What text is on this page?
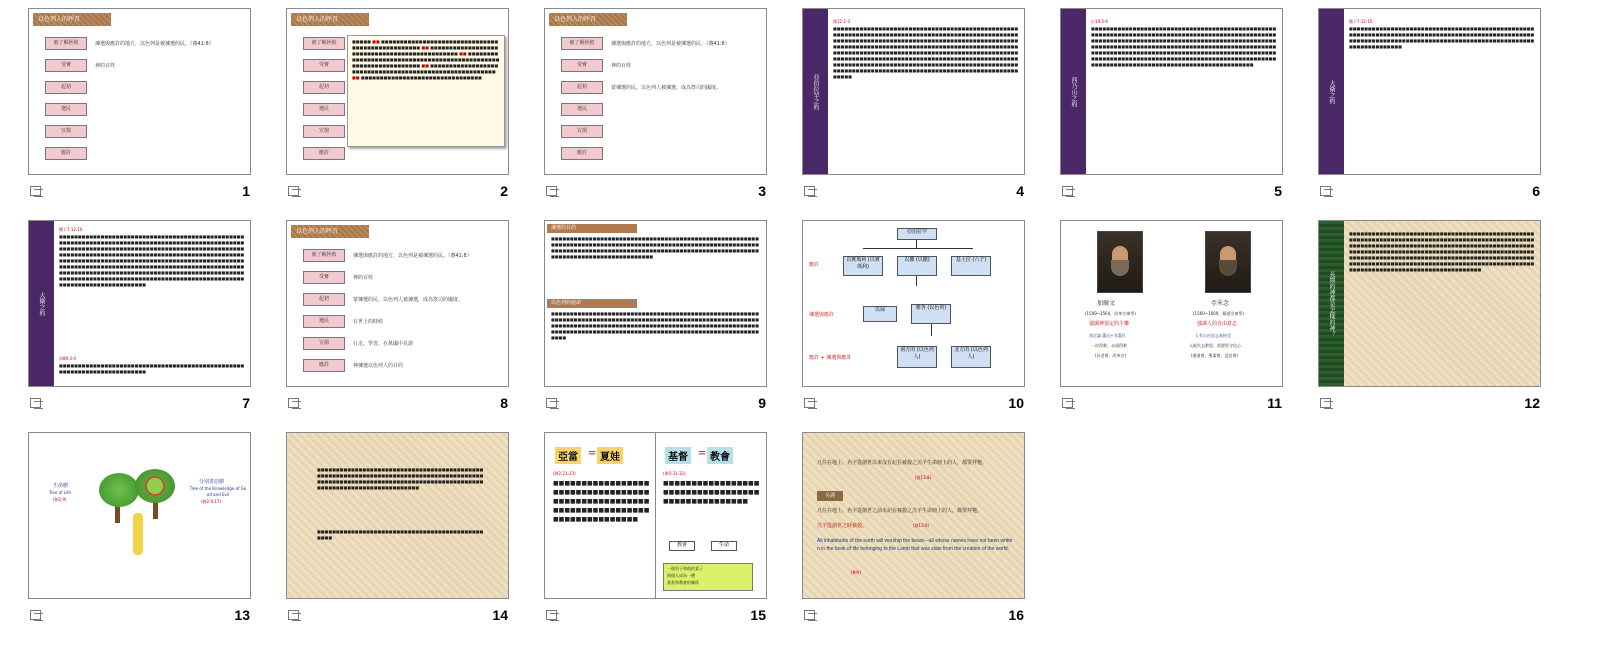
以色列人的呼召
被了解拯救
受膏
起初
選民
宣揚
應許
揀選與應許的地方，以色列是被揀選的民。（賽41:8）
神的百姓
1
以色列人的呼召
被了解拯救
受膏
起初
選民
宣揚
應許
■■■■■ ■■ ■■■■■■■■■■■■■■■■■■■■■■■■■■■■■■■■■■■■■■■■■■■■■■■■■ ■■ ■■■■■■■■■■■■■■■■■■■■■■■■■■■■■■■■■■■■■■■■■■■■■■ ■■ ■■■■■■■■■■■■■■■■■■■■■■■■■■■■■■■■■■■■■■■■■■■■■■■■■■■■■■■■■■■■■■■■■ ■■ ■■■■■■■■■■■■■■■■■■■■■■■■■■■■■■■■■■■■■■■■■■■■■■■■■■■■■■■■ ■■ ■■■■■■■■■■■■■■■■■■■■■■■■■■■■■■■■
2
以色列人的呼召
被了解拯救
受膏
起初
選民
宣揚
應許
揀選與應許的地方，以色列是被揀選的民。（賽41:8）
神的百姓
蒙揀選的民，以色列人被揀選，成為祭司的國度。
3
亞伯拉罕之約
創12:1-3
■■■■■■■■■■■■■■■■■■■■■■■■■■■■■■■■■■■■■■■■■■■■■■■■■■■■■■■■■■■■■■■■■■■■■■■■■■■■■■■■■■■■■■■■■■■■■■■■■■■■■■■■■■■■■■■■■■■■■■■■■■■■■■■■■■■■■■■■■■■■■■■■■■■■■■■■■■■■■■■■■■■■■■■■■■■■■■■■■■■■■■■■■■■■■■■■■■■■■■■■■■■■■■■■■■■■■■■■■■■■■■■■■■■■■■■■■■■■■■■■■■■■■■■■■■■■■■■■■■■■■■■■■■■■■■■■■■■■■■■■■■■■■■■■■■■■■■■■■■■■■■■■■■■■■■■■■■■■■■■■■■■■■■■■■■■■■■■■■■■■■■■■■■■■■■■■■■■■■■■■■■■■■■■■■■■■■■■■■■■■■■■■■■■■■■■■■■■■■
4
西乃山之約
出19:5-6
■■■■■■■■■■■■■■■■■■■■■■■■■■■■■■■■■■■■■■■■■■■■■■■■■■■■■■■■■■■■■■■■■■■■■■■■■■■■■■■■■■■■■■■■■■■■■■■■■■■■■■■■■■■■■■■■■■■■■■■■■■■■■■■■■■■■■■■■■■■■■■■■■■■■■■■■■■■■■■■■■■■■■■■■■■■■■■■■■■■■■■■■■■■■■■■■■■■■■■■■■■■■■■■■■■■■■■■■■■■■■■■■■■■■■■■■■■■■■■■■■■■■■■■■■■■■■■■■■■■■■■■■■■■■■■■■■■■■■■■■■■■■■■■■■■■■■■■■■■■■■■■■■■■■■■■■■■■■■■■■■■■■■■■■■■■■■■■■■
5
大衛之約
撒下7:12-16
■■■■■■■■■■■■■■■■■■■■■■■■■■■■■■■■■■■■■■■■■■■■■■■■■■■■■■■■■■■■■■■■■■■■■■■■■■■■■■■■■■■■■■■■■■■■■■■■■■■■■■■■■■■■■■■■■■■■■■■■■■■■■■■■■■■■■■■■■■■■■■■■■■■■■■■■■■■■■■■■■
6
大衛之約
撒下7:12-16
■■■■■■■■■■■■■■■■■■■■■■■■■■■■■■■■■■■■■■■■■■■■■■■■■■■■■■■■■■■■■■■■■■■■■■■■■■■■■■■■■■■■■■■■■■■■■■■■■■■■■■■■■■■■■■■■■■■■■■■■■■■■■■■■■■■■■■■■■■■■■■■■■■■■■■■■■■■■■■■■■■■■■■■■■■■■■■■■■■■■■■■■■■■■■■■■■■■■■■■■■■■■■■■■■■■■■■■■■■■■■■■■■■■■■■■■■■■■■■■■■■■■■■■■■■■■■■■■■■■■■■■■■■■■■■■■■■■■■■■■■■■■■■■■■■■■■■■■■■■■■■■■■■■■■■■■■■■■■■■■■■■■■■■■■■■■■■■■■■■■■■■■■■■■■■■■■■■■■■■■■■■■■■■■■■■■■■■■■■■■■■■■■■■■■■■■■■■■■■■■■■■■■■■■■■■■■■■
詩89:3-4
■■■■■■■■■■■■■■■■■■■■■■■■■■■■■■■■■■■■■■■■■■■■■■■■■■■■■■■■■■■■■■■■■■■■■■■■
7
以色列人的呼召
被了解拯救
受膏
起初
選民
宣揚
應許
揀選與應許的地方，以色列是被揀選的民。（賽41:8）
神的百姓
蒙揀選的民，以色列人被揀選，成為祭司的國度。
在世上的時候
行走、學習、在萬國中見證
神揀選以色列人的目的
8
揀選的目的
■■■■■■■■■■■■■■■■■■■■■■■■■■■■■■■■■■■■■■■■■■■■■■■■■■■■■■■■■■■■■■■■■■■■■■■■■■■■■■■■■■■■■■■■■■■■■■■■■■■■■■■■■■■■■■■■■■■■■■■■■■■■■■■■■■■■■■■■■■■■■■■■■■■■■■■■■■■■■■■■■■■■■■■■■■■■■■■■■■■■■■■■■■■■■■■■
以色列的使命
■■■■■■■■■■■■■■■■■■■■■■■■■■■■■■■■■■■■■■■■■■■■■■■■■■■■■■■■■■■■■■■■■■■■■■■■■■■■■■■■■■■■■■■■■■■■■■■■■■■■■■■■■■■■■■■■■■■■■■■■■■■■■■■■■■■■■■■■■■■■■■■■■■■■■■■■■■■■■■■■■■■■■■■■■■■■■■■■■■■■■■■■■■■■■■■■■■■■■■■■■■■■■■■■■■■■■■■■■■■■■■■■
9
亞伯拉罕
以實瑪利 (以實瑪利)
以撒 (以撒)	基土拉 (六子)
應許
以掃	雅各 (以色列)
揀選與應許
南方的 (以色列人)
北方的 (以色列人)
應許 + 揀選與應許
10
加爾文
(1509~1564，改革宗神學)
強調神預定的主權
預定論 選民+非選民
一次得救，永遠得救
(長老會、改革宗)
亞米念
(1560~1609，循道宗神學)
強調人的自由意志
人有自由意志來接受
人能失去救恩，需要堅守信心
(循道會、聖潔會、浸信會)
11
長期的神都是怎樣的神？
■■■■■■■■■■■■■■■■■■■■■■■■■■■■■■■■■■■■■■■■■■■■■■■■■■■■■■■■■■■■■■■■■■■■■■■■■■■■■■■■■■■■■■■■■■■■■■■■■■■■■■■■■■■■■■■■■■■■■■■■■■■■■■■■■■■■■■■■■■■■■■■■■■■■■■■■■■■■■■■■■■■■■■■■■■■■■■■■■■■■■■■■■■■■■■■■■■■■■■■■■■■■■■■■■■■■■■■■■■■■■■■■■■■■■■■■■■■■■■■■■■■■■■■■■■■■■■■■■■■■■■■■■■■■■■■■■■■■■■■■■■■■■■■■■■■■■■■■■■■■■■■■■■■■■■■■■■■■■■■■■■■■■■■■■
12
生命樹
Tree of Life
(創2:9)
分別善惡樹
Tree of the Knowledge of Good and Evil
(創2:9,17)
13
■■■■■■■■■■■■■■■■■■■■■■■■■■■■■■■■■■■■■■■■■■■■■■■■■■■■■■■■■■■■■■■■■■■■■■■■■■■■■■■■■■■■■■■■■■■■■■■■■■■■■■■■■■■■■■■■■■■■■■■■■■■■■■■■■■■■■■■■■■■■■■■■■■■■■■■■■■■■■■■
■■■■■■■■■■■■■■■■■■■■■■■■■■■■■■■■■■■■■■■■■■■■■■■■
14
亞當	= 夏娃	基督	= 教會
(創2:21-23)
■■■■■■■■■■■■■■■■■■■■■■■■■■■■■■■■■■■■■■■■■■■■■■■■■■■■■■■■■■■■■■■■■■■■■■■■■■■■■■■■■■■
(弗5:31-32)
■■■■■■■■■■■■■■■■■■■■■■■■■■■■■■■■■■■■■■■■■■■■■■■■■
教會	生命
一個男子和他的妻子
兩個人成為一體
基督和教會的關係
15
凡住在地上、名字從創世以來沒有記在被殺之羔羊生命冊上的人，都要拜牠。
(啟13:8)
另譯
凡住在地上、名字從創世之前未記在被殺之羔羊生命冊上的人，都要拜牠。
羔羊從創世之時被殺。	(啟13:8)
All inhabitants of the earth will worship the beast—all whose names have not been written in the book of life belonging to the Lamb that was slain from the creation of the world.
(NIV)
16
